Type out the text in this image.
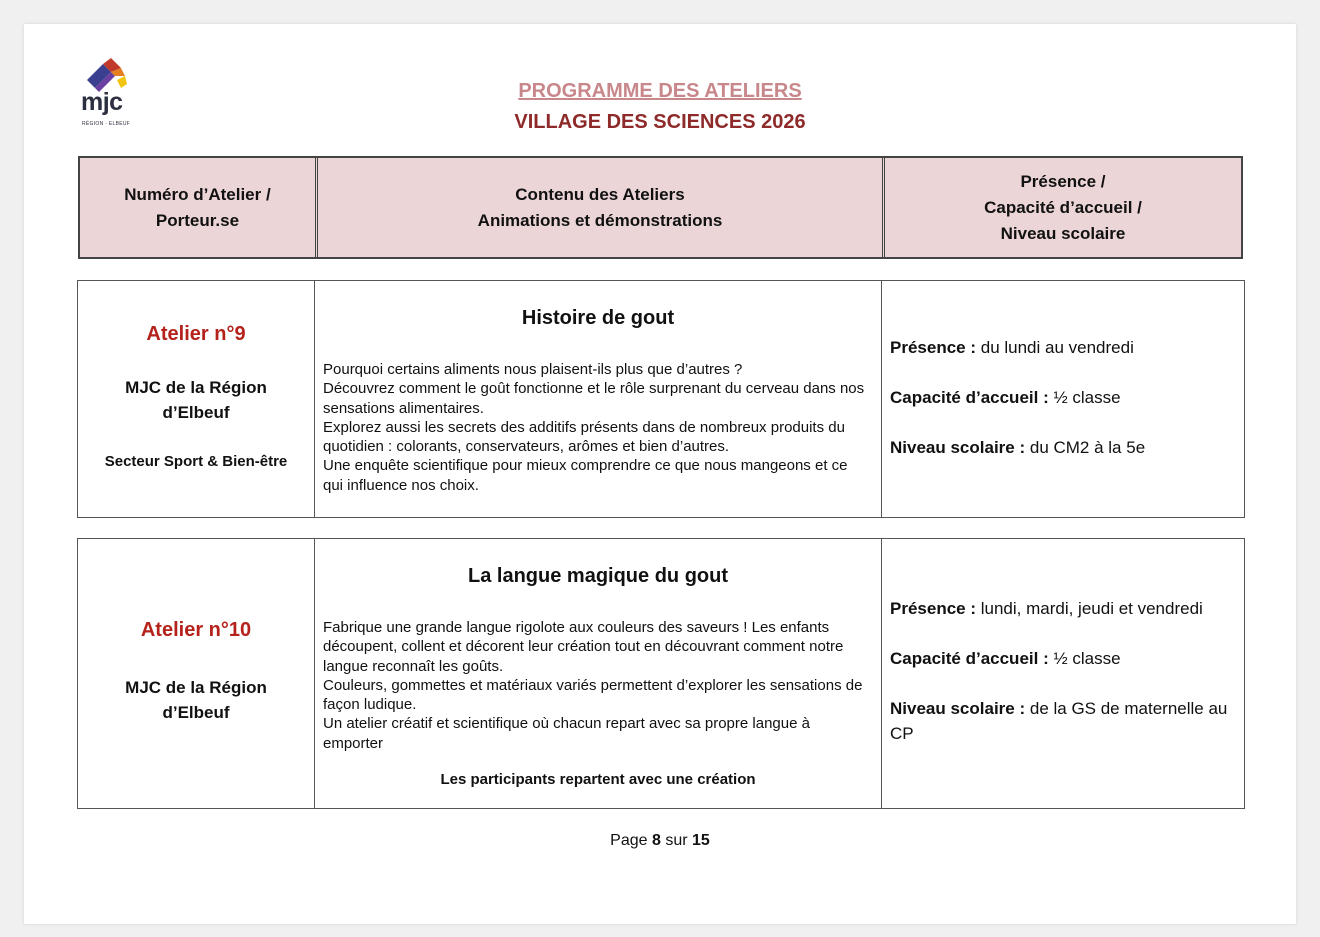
mjc
RÉGION · ELBEUF
PROGRAMME DES ATELIERS
VILLAGE DES SCIENCES 2026
Numéro d’Atelier /
Porteur.se
Contenu des Ateliers
Animations et démonstrations
Présence /
Capacité d’accueil /
Niveau scolaire
Atelier n°9
MJC de la Région
d’Elbeuf
Secteur Sport & Bien-être
Histoire de gout
Pourquoi certains aliments nous plaisent-ils plus que d’autres ?
Découvrez comment le goût fonctionne et le rôle surprenant du cerveau dans nos sensations alimentaires.
Explorez aussi les secrets des additifs présents dans de nombreux produits du quotidien : colorants, conservateurs, arômes et bien d’autres.
Une enquête scientifique pour mieux comprendre ce que nous mangeons et ce qui influence nos choix.
Présence : du lundi au vendredi
Capacité d’accueil : ½ classe
Niveau scolaire : du CM2 à la 5e
Atelier n°10
MJC de la Région
d’Elbeuf
La langue magique du gout
Fabrique une grande langue rigolote aux couleurs des saveurs ! Les enfants découpent, collent et décorent leur création tout en découvrant comment notre langue reconnaît les goûts.
Couleurs, gommettes et matériaux variés permettent d’explorer les sensations de façon ludique.
Un atelier créatif et scientifique où chacun repart avec sa propre langue à emporter
Les participants repartent avec une création
Présence : lundi, mardi, jeudi et vendredi
Capacité d’accueil : ½ classe
Niveau scolaire : de la GS de maternelle au CP
Page 8 sur 15
